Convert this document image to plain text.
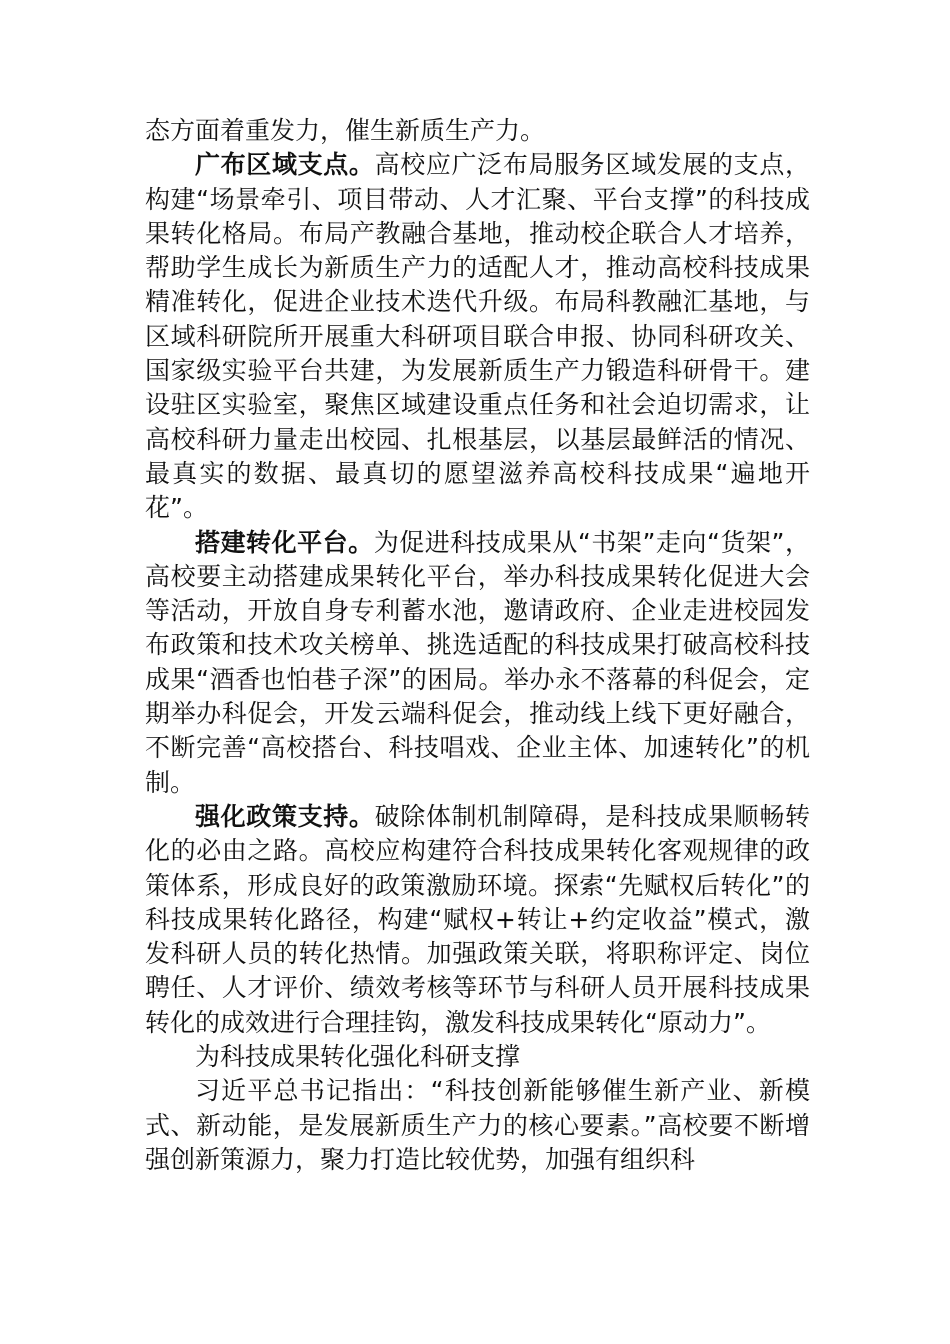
态方面着重发力，催生新质生产力。

广布区域支点。高校应广泛布局服务区域发展的支点，构建“场景牵引、项目带动、人才汇聚、平台支撑”的科技成果转化格局。布局产教融合基地，推动校企联合人才培养，帮助学生成长为新质生产力的适配人才，推动高校科技成果精准转化，促进企业技术迭代升级。布局科教融汇基地，与区域科研院所开展重大科研项目联合申报、协同科研攻关、国家级实验平台共建，为发展新质生产力锻造科研骨干。建设驻区实验室，聚焦区域建设重点任务和社会迫切需求，让高校科研力量走出校园、扎根基层，以基层最鲜活的情况、最真实的数据、最真切的愿望滋养高校科技成果“遍地开花”。

搭建转化平台。为促进科技成果从“书架”走向“货架”，高校要主动搭建成果转化平台，举办科技成果转化促进大会等活动，开放自身专利蓄水池，邀请政府、企业走进校园发布政策和技术攻关榜单、挑选适配的科技成果打破高校科技成果“酒香也怕巷子深”的困局。举办永不落幕的科促会，定期举办科促会，开发云端科促会，推动线上线下更好融合，不断完善“高校搭台、科技唱戏、企业主体、加速转化”的机制。

强化政策支持。破除体制机制障碍，是科技成果顺畅转化的必由之路。高校应构建符合科技成果转化客观规律的政策体系，形成良好的政策激励环境。探索“先赋权后转化”的科技成果转化路径，构建“赋权+转让+约定收益”模式，激发科研人员的转化热情。加强政策关联，将职称评定、岗位聘任、人才评价、绩效考核等环节与科研人员开展科技成果转化的成效进行合理挂钩，激发科技成果转化“原动力”。

为科技成果转化强化科研支撑

习近平总书记指出：“科技创新能够催生新产业、新模式、新动能，是发展新质生产力的核心要素。”高校要不断增强创新策源力，聚力打造比较优势，加强有组织科
